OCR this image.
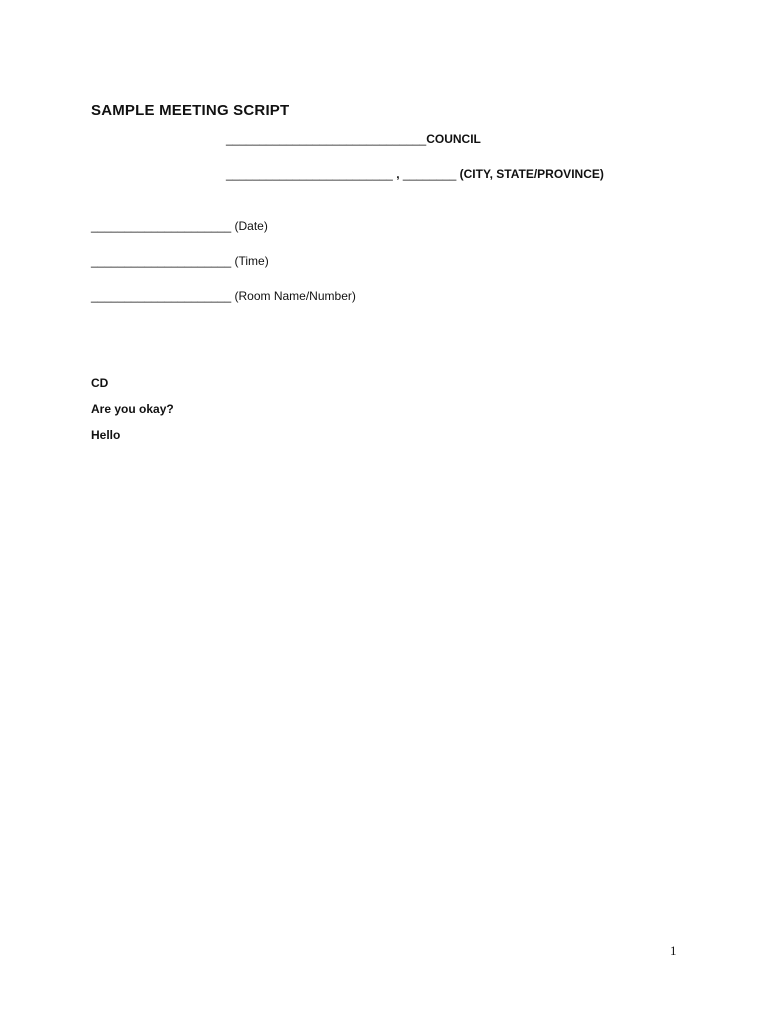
SAMPLE MEETING SCRIPT
______________________________COUNCIL
_________________________ , ________ (CITY, STATE/PROVINCE)
_____________________ (Date)
_____________________ (Time)
_____________________ (Room Name/Number)
CD
Are you okay?
Hello
1
